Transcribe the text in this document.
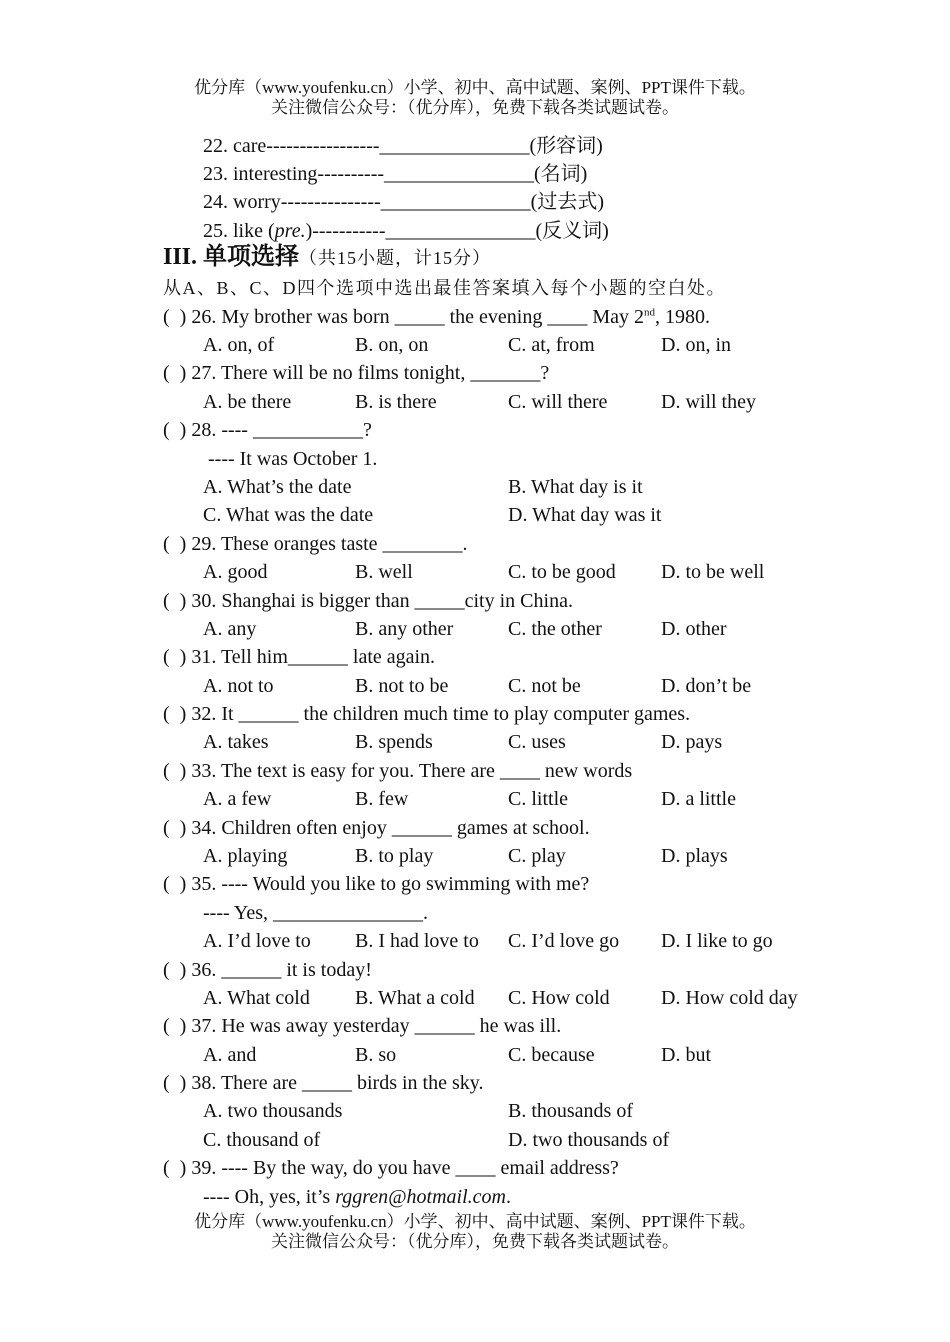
优分库（www.youfenku.cn）小学、初中、高中试题、案例、PPT课件下载。
关注微信公众号：（优分库），免费下载各类试题试卷。
22. care-----------------_______________(形容词)
23. interesting----------_______________(名词)
24. worry---------------_______________(过去式)
25. like (pre.)-----------_______________(反义词)
III. 单项选择（共15小题，计15分）
从A、B、C、D四个选项中选出最佳答案填入每个小题的空白处。
(  ) 26. My brother was born _____ the evening ____ May 2nd, 1980.
A. on, of	B. on, on	C. at, from	D. on, in
(  ) 27. There will be no films tonight, _______?
A. be there	B. is there	C. will there	D. will they
(  ) 28. ---- ___________?
---- It was October 1.
A. What’s the date	B. What day is it
C. What was the date	D. What day was it
(  ) 29. These oranges taste ________.
A. good	B. well	C. to be good D. to be well
(  ) 30. Shanghai is bigger than _____city in China.
A. any	B. any other	C. the other	D. other
(  ) 31. Tell him______ late again.
A. not to	B. not to be	C. not be	D. don’t be
(  ) 32. It ______ the children much time to play computer games.
A. takes	B. spends	C. uses	D. pays
(  ) 33. The text is easy for you. There are ____ new words
A. a few	B. few	C. little	D. a little
(  ) 34. Children often enjoy ______ games at school.
A. playing	B. to play	C. play	D. plays
(  ) 35. ---- Would you like to go swimming with me?
---- Yes, _______________.
A. I’d love to B. I had love to C. I’d love go D. I like to go
(  ) 36. ______ it is today!
A. What cold B. What a cold C. How cold	D. How cold day
(  ) 37. He was away yesterday ______ he was ill.
A. and	B. so	C. because	D. but
(  ) 38. There are _____ birds in the sky.
A. two thousands	B. thousands of
C. thousand of	D. two thousands of
(  ) 39. ---- By the way, do you have ____ email address?
---- Oh, yes, it’s rggren@hotmail.com.
优分库（www.youfenku.cn）小学、初中、高中试题、案例、PPT课件下载。
关注微信公众号：（优分库），免费下载各类试题试卷。
